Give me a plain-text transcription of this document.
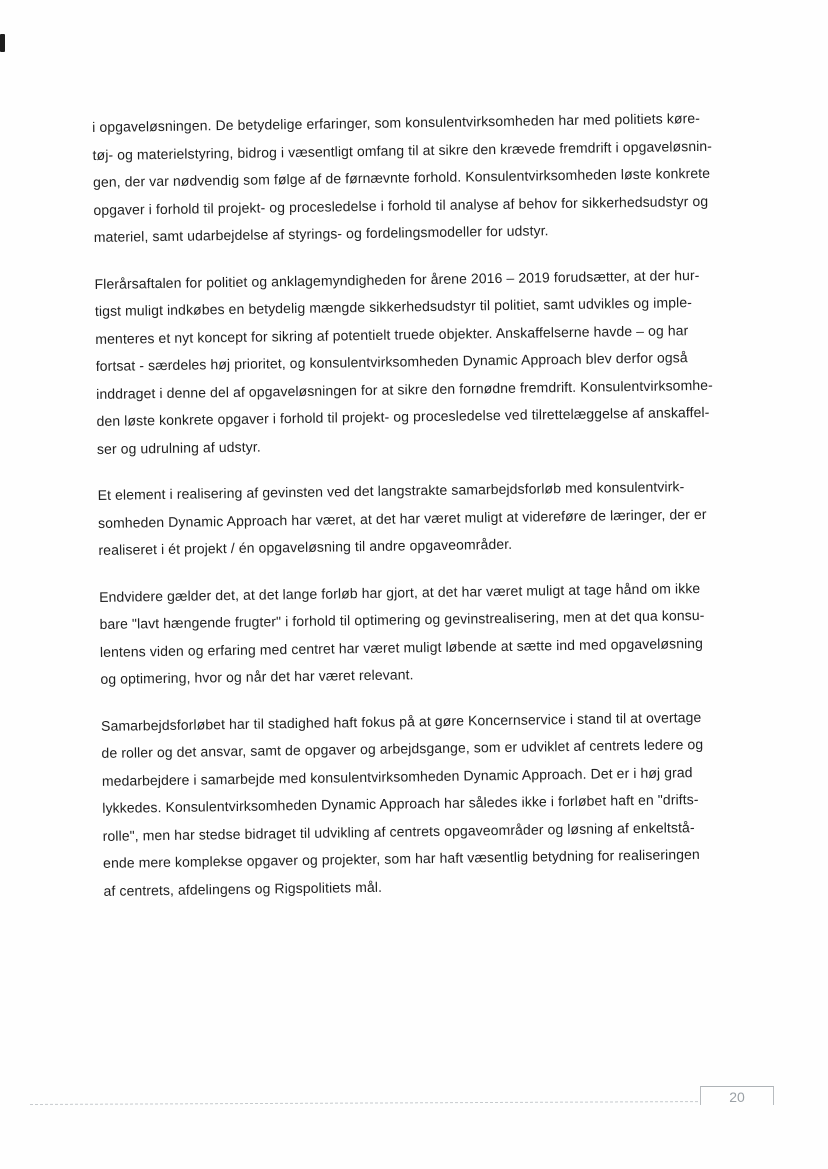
i opgaveløsningen. De betydelige erfaringer, som konsulentvirksomheden har med politiets køre-
tøj- og materielstyring, bidrog i væsentligt omfang til at sikre den krævede fremdrift i opgaveløsnin-
gen, der var nødvendig som følge af de førnævnte forhold. Konsulentvirksomheden løste konkrete
opgaver i forhold til projekt- og procesledelse i forhold til analyse af behov for sikkerhedsudstyr og
materiel, samt udarbejdelse af styrings- og fordelingsmodeller for udstyr.

Flerårsaftalen for politiet og anklagemyndigheden for årene 2016 – 2019 forudsætter, at der hur-
tigst muligt indkøbes en betydelig mængde sikkerhedsudstyr til politiet, samt udvikles og imple-
menteres et nyt koncept for sikring af potentielt truede objekter. Anskaffelserne havde – og har
fortsat - særdeles høj prioritet, og konsulentvirksomheden Dynamic Approach blev derfor også
inddraget i denne del af opgaveløsningen for at sikre den fornødne fremdrift. Konsulentvirksomhe-
den løste konkrete opgaver i forhold til projekt- og procesledelse ved tilrettelæggelse af anskaffel-
ser og udrulning af udstyr.

Et element i realisering af gevinsten ved det langstrakte samarbejdsforløb med konsulentvirk-
somheden Dynamic Approach har været, at det har været muligt at videreføre de læringer, der er
realiseret i ét projekt / én opgaveløsning til andre opgaveområder.

Endvidere gælder det, at det lange forløb har gjort, at det har været muligt at tage hånd om ikke
bare "lavt hængende frugter" i forhold til optimering og gevinstrealisering, men at det qua konsu-
lentens viden og erfaring med centret har været muligt løbende at sætte ind med opgaveløsning
og optimering, hvor og når det har været relevant.

Samarbejdsforløbet har til stadighed haft fokus på at gøre Koncernservice i stand til at overtage
de roller og det ansvar, samt de opgaver og arbejdsgange, som er udviklet af centrets ledere og
medarbejdere i samarbejde med konsulentvirksomheden Dynamic Approach. Det er i høj grad
lykkedes. Konsulentvirksomheden Dynamic Approach har således ikke i forløbet haft en "drifts-
rolle", men har stedse bidraget til udvikling af centrets opgaveområder og løsning af enkeltstå-
ende mere komplekse opgaver og projekter, som har haft væsentlig betydning for realiseringen
af centrets, afdelingens og Rigspolitiets mål.

20
